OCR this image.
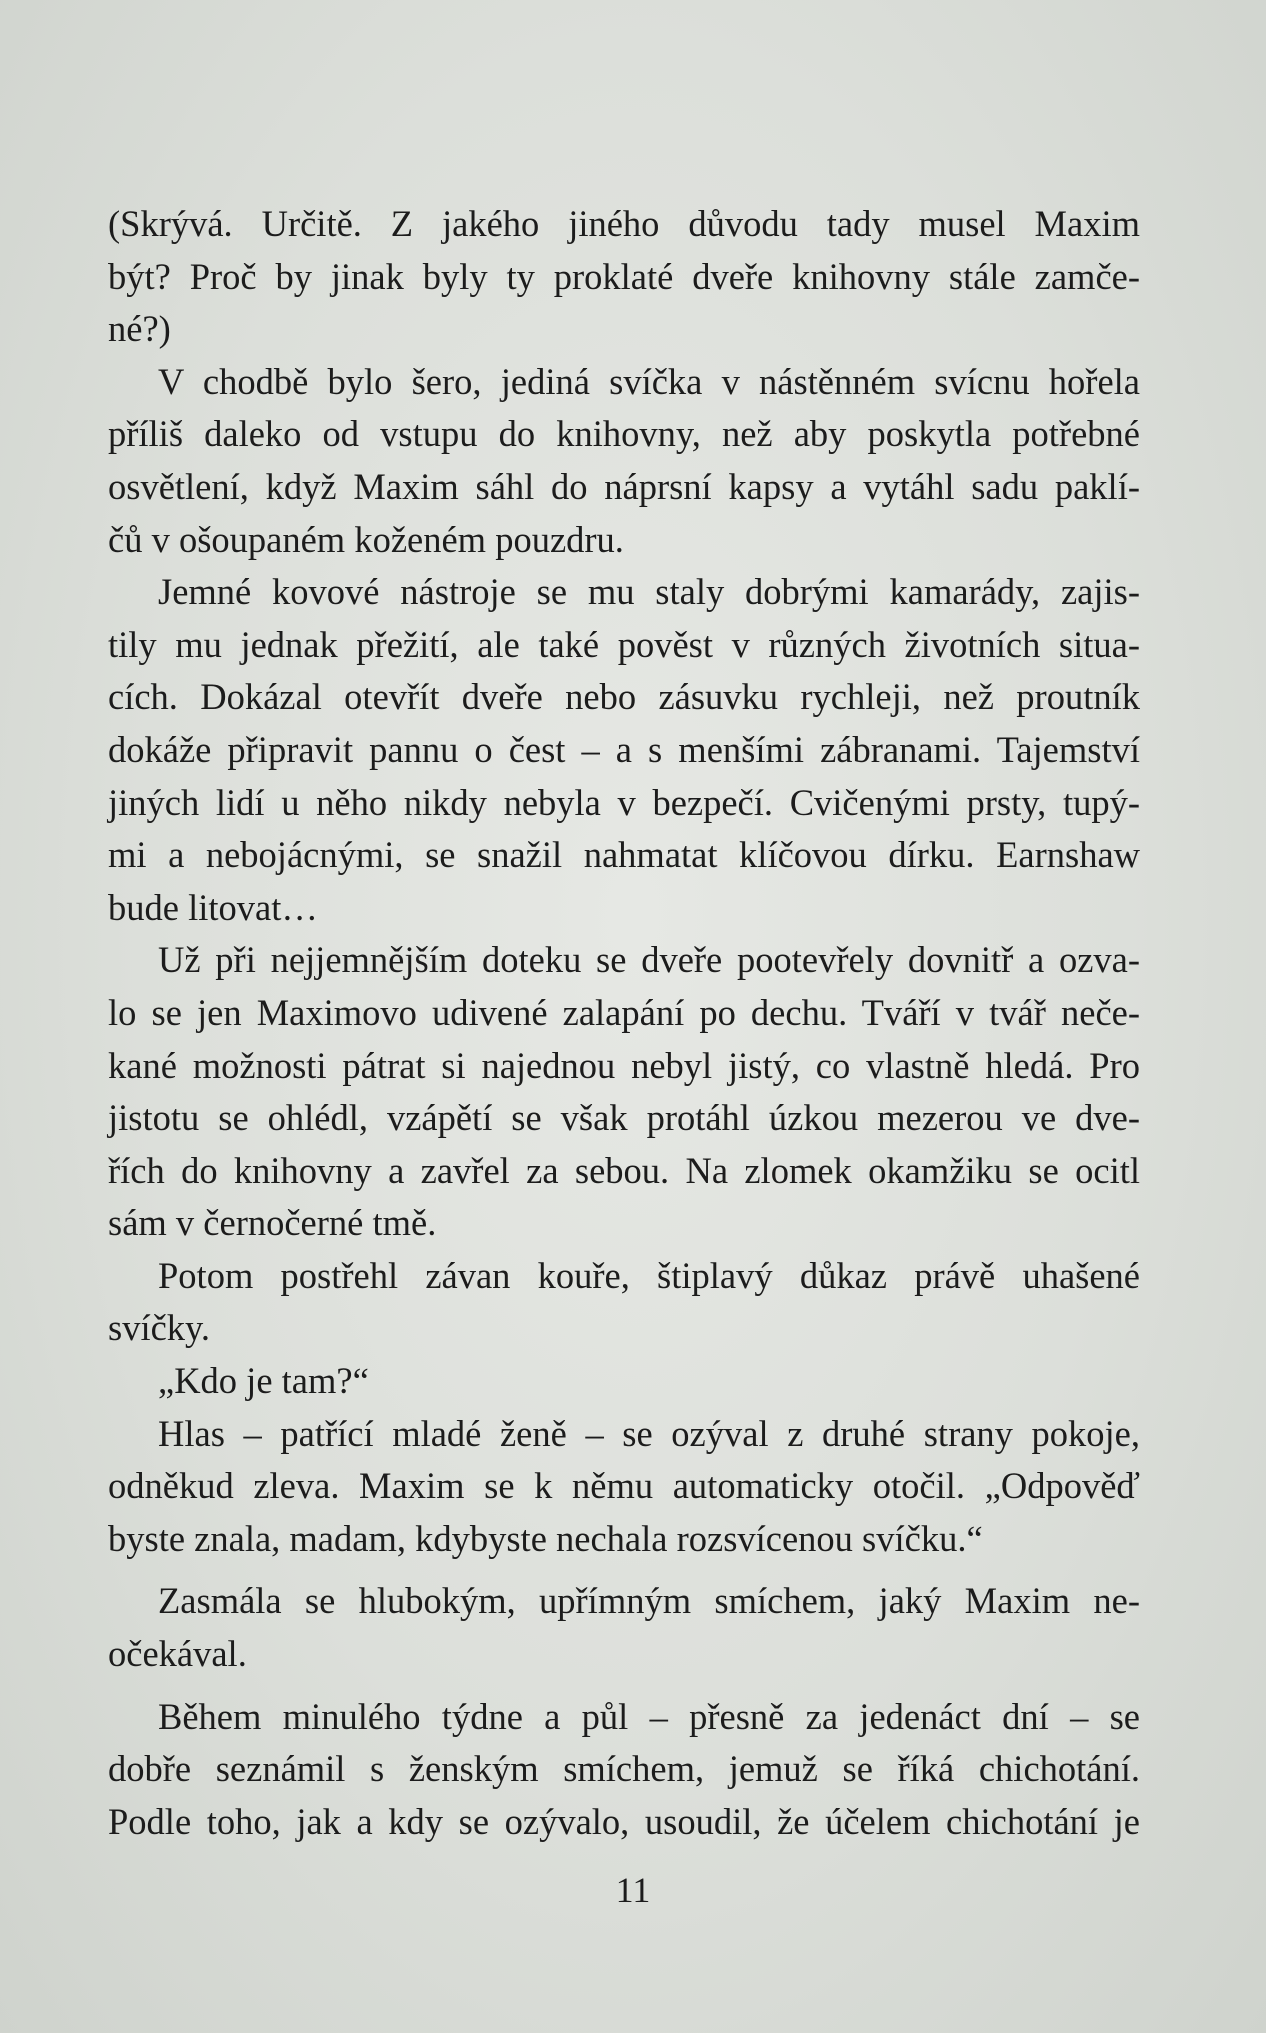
(Skrývá. Určitě. Z jakého jiného důvodu tady musel Maxim
být? Proč by jinak byly ty proklaté dveře knihovny stále zamče-
né?)
V chodbě bylo šero, jediná svíčka v nástěnném svícnu hořela
příliš daleko od vstupu do knihovny, než aby poskytla potřebné
osvětlení, když Maxim sáhl do náprsní kapsy a vytáhl sadu paklí-
čů v ošoupaném koženém pouzdru.
Jemné kovové nástroje se mu staly dobrými kamarády, zajis-
tily mu jednak přežití, ale také pověst v různých životních situa-
cích. Dokázal otevřít dveře nebo zásuvku rychleji, než proutník
dokáže připravit pannu o čest – a s menšími zábranami. Tajemství
jiných lidí u něho nikdy nebyla v bezpečí. Cvičenými prsty, tupý-
mi a nebojácnými, se snažil nahmatat klíčovou dírku. Earnshaw
bude litovat…
Už při nejjemnějším doteku se dveře pootevřely dovnitř a ozva-
lo se jen Maximovo udivené zalapání po dechu. Tváří v tvář neče-
kané možnosti pátrat si najednou nebyl jistý, co vlastně hledá. Pro
jistotu se ohlédl, vzápětí se však protáhl úzkou mezerou ve dve-
řích do knihovny a zavřel za sebou. Na zlomek okamžiku se ocitl
sám v černočerné tmě.
Potom postřehl závan kouře, štiplavý důkaz právě uhašené
svíčky.
„Kdo je tam?“
Hlas – patřící mladé ženě – se ozýval z druhé strany pokoje,
odněkud zleva. Maxim se k němu automaticky otočil. „Odpověď
byste znala, madam, kdybyste nechala rozsvícenou svíčku.“
Zasmála se hlubokým, upřímným smíchem, jaký Maxim ne-
očekával.
Během minulého týdne a půl – přesně za jedenáct dní – se
dobře seznámil s ženským smíchem, jemuž se říká chichotání.
Podle toho, jak a kdy se ozývalo, usoudil, že účelem chichotání je
11
